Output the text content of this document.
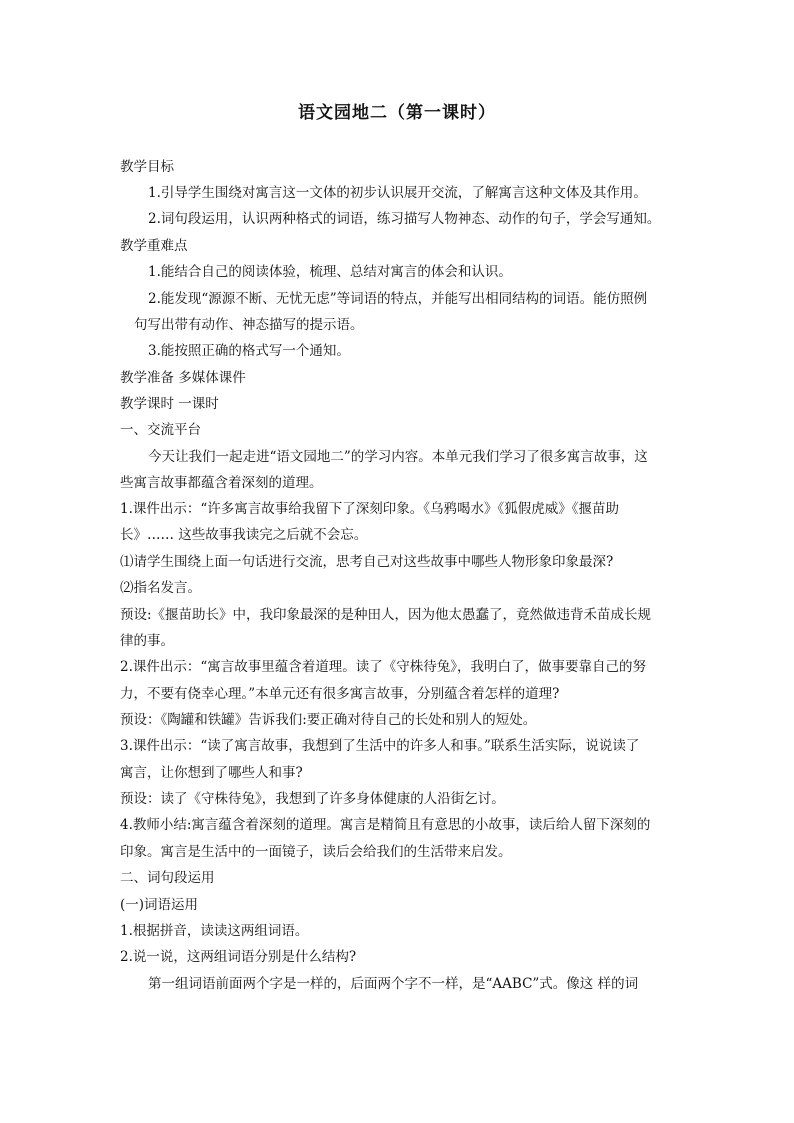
语文园地二（第一课时）
教学目标
1.引导学生围绕对寓言这一文体的初步认识展开交流，了解寓言这种文体及其作用。
2.词句段运用，认识两种格式的词语，练习描写人物神态、动作的句子，学会写通知。
教学重难点
1.能结合自己的阅读体验，梳理、总结对寓言的体会和认识。
2.能发现“源源不断、无忧无虑”等词语的特点，并能写出相同结构的词语。能仿照例
句写出带有动作、神态描写的提示语。
3.能按照正确的格式写一个通知。
教学准备 多媒体课件
教学课时 一课时
一、交流平台
今天让我们一起走进“语文园地二”的学习内容。本单元我们学习了很多寓言故事，这
些寓言故事都蕴含着深刻的道理。
1.课件出示：“许多寓言故事给我留下了深刻印象。《乌鸦喝水》《狐假虎威》《揠苗助
长》…… 这些故事我读完之后就不会忘。
⑴请学生围绕上面一句话进行交流，思考自己对这些故事中哪些人物形象印象最深?
⑵指名发言。
预设:《揠苗助长》中，我印象最深的是种田人，因为他太愚蠢了，竟然做违背禾苗成长规
律的事。
2.课件出示：“寓言故事里蕴含着道理。读了《守株待兔》，我明白了，做事要靠自己的努
力，不要有侥幸心理。”本单元还有很多寓言故事，分别蕴含着怎样的道理?
预设：《陶罐和铁罐》告诉我们:要正确对待自己的长处和别人的短处。
3.课件出示：“读了寓言故事，我想到了生活中的许多人和事。”联系生活实际，说说读了
寓言，让你想到了哪些人和事?
预设：读了《守株待兔》，我想到了许多身体健康的人沿街乞讨。
4.教师小结:寓言蕴含着深刻的道理。寓言是精简且有意思的小故事，读后给人留下深刻的
印象。寓言是生活中的一面镜子，读后会给我们的生活带来启发。
二、词句段运用
(一)词语运用
1.根据拼音，读读这两组词语。
2.说一说，这两组词语分别是什么结构?
第一组词语前面两个字是一样的，后面两个字不一样，是“AABC”式。像这 样的词
